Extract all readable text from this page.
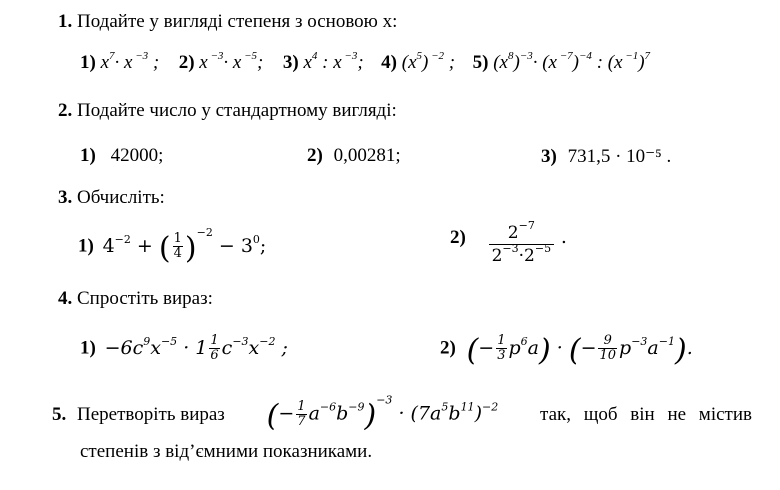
1. Подайте у вигляді степеня з основою х:
1) $x^7\cdot x$ $^{-3}$ ; 2) x $^{-3}$· x $^{-5}$; 3) $x^4$ : x $^{-3}$; 4) $(x^5)$ $^{-2}$ ; 5) $(x^8)^{-3}\cdot (x$ $^{-7}$)$^{-4}$ : (x $^{-1}$)$^7$
2. Подайте число у стандартному вигляді:
1) 42000;	2) 0,00281;	3) 731,5 · 10⁻⁵ .
3. Обчисліть:
1) $4^{-2}$ + ( $\frac{1}{4} )^{-2} - 3^0$;	$2) \frac{2^{-7}}{2^{-3}\cdot 2^{-5}}$ .
4. Спростіть вираз:
$1) -6c^9x^{-5} \cdot 1 \frac{1}{6} c^{-3}x^{-2}$ ;	2) (− $\frac{1}{3} p^6a$) · (− $\frac{9}{10} p^{-3}a^{-1}$).
5. Перетворіть вираз (− $\frac{1}{7} a^{-6}b^{-9})^{-3} \cdot (7a^5b^{11})^{-2}$ так, щоб він не містив
степенів з від’ємними показниками.
